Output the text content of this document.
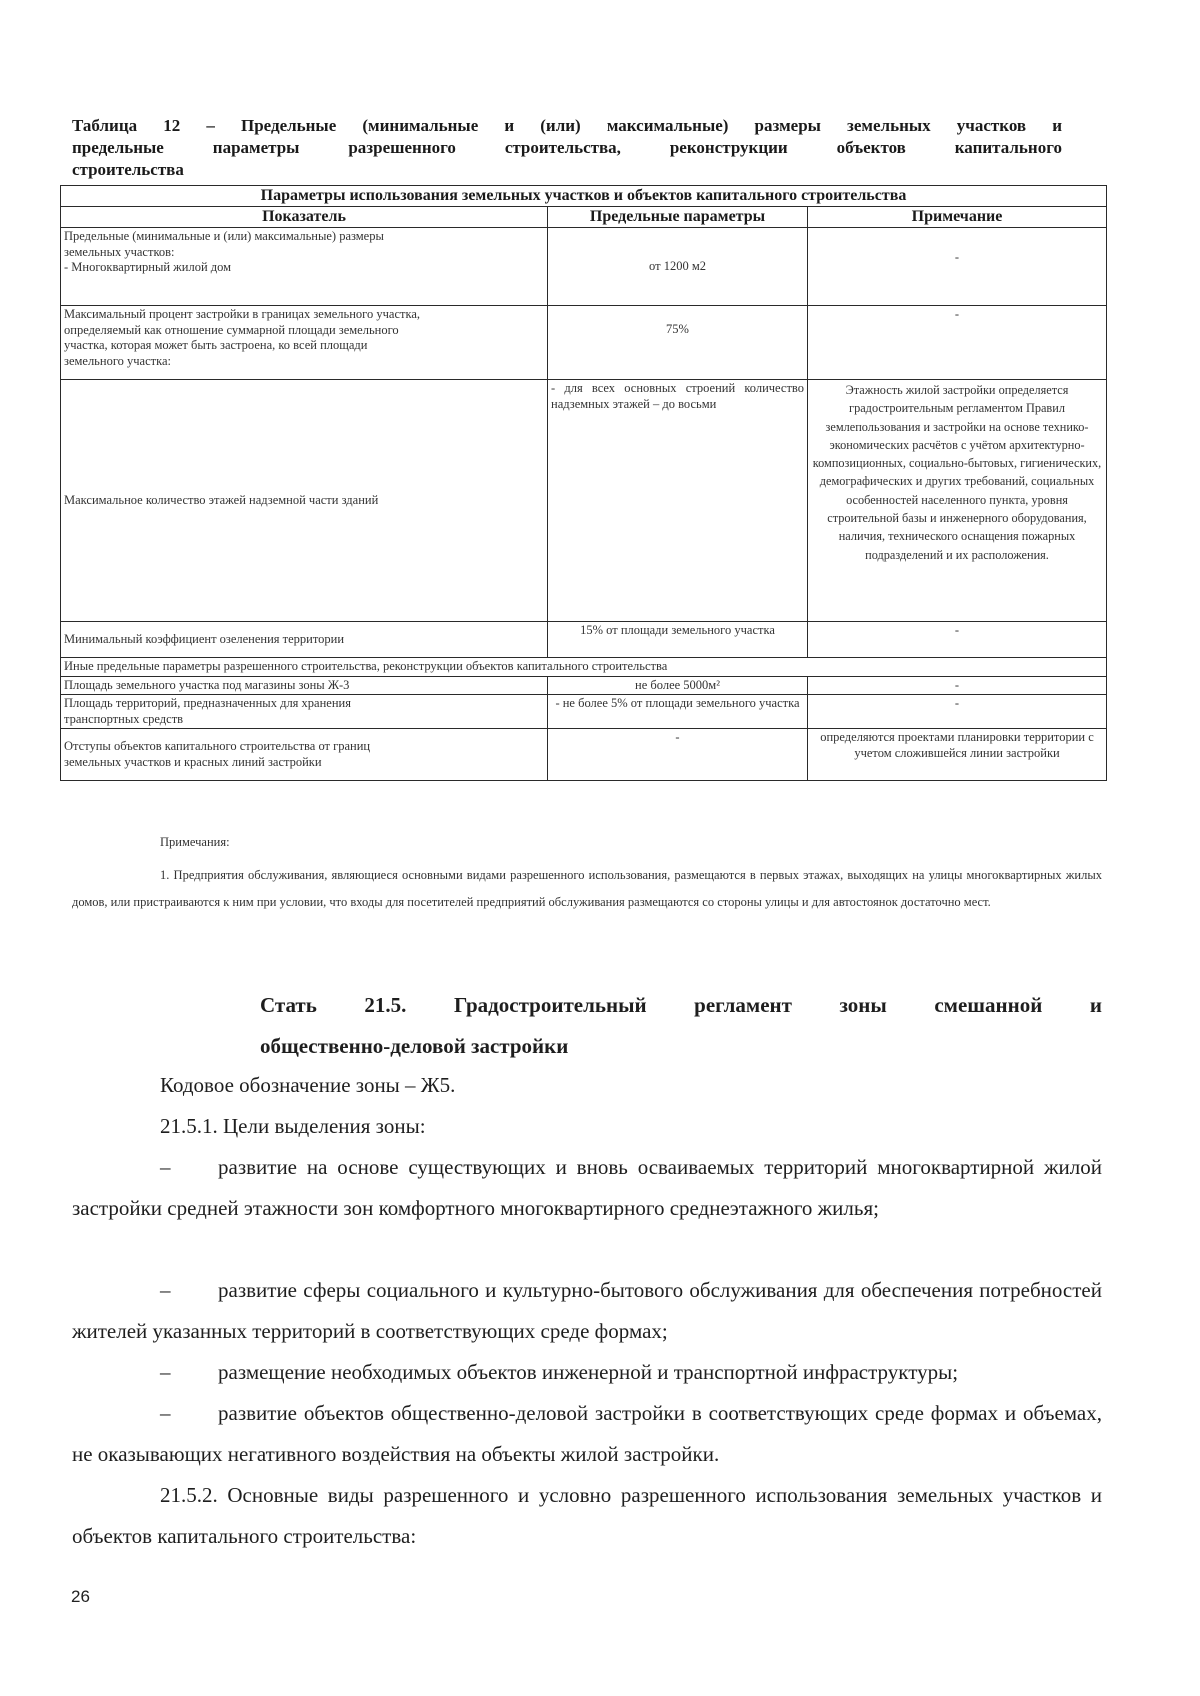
Таблица 12 – Предельные (минимальные и (или) максимальные) размеры земельных участков и
предельные параметры разрешенного строительства, реконструкции объектов капитального
строительства

Параметры использования земельных участков и объектов капитального строительства		
Показатель	Предельные параметры	Примечание

Предельные (минимальные и (или) максимальные) размеры
земельных участков:
- Многоквартирный жилой дом	от 1200 м2	-

Максимальный процент застройки в границах земельного участка,
определяемый как отношение суммарной площади земельного
участка, которая может быть застроена, ко всей площади
земельного участка:	75%	-
Максимальное количество этажей надземной части зданий	- для всех основных строений количество надземных этажей – до восьми	Этажность жилой застройки определяется градостроительным регламентом Правил землепользования и застройки на основе технико-экономических расчётов с учётом архитектурно-композиционных, социально-бытовых, гигиенических, демографических и других требований, социальных особенностей населенного пункта, уровня строительной базы и инженерного оборудования, наличия, технического оснащения пожарных подразделений и их расположения.
Минимальный коэффициент озеленения территории	15% от площади земельного участка	-
Иные предельные параметры разрешенного строительства, реконструкции объектов капитального строительства		
Площадь земельного участка под магазины зоны Ж-3	не более 5000м²	-

Площадь территорий, предназначенных для хранения
транспортных средств	- не более 5% от площади земельного участка	-

Отступы объектов капитального строительства от границ
земельных участков и красных линий застройки	-	определяются проектами планировки территории с учетом сложившейся линии застройки
Примечания:
1. Предприятия обслуживания, являющиеся основными видами разрешенного использования, размещаются в первых этажах, выходящих на улицы многоквартирных жилых домов, или пристраиваются к ним при условии, что входы для посетителей предприятий обслуживания размещаются со стороны улицы и для автостоянок достаточно мест.
Стать 21.5. Градостроительный регламент зоны смешанной и
общественно-деловой застройки
Кодовое обозначение зоны – Ж5.
21.5.1. Цели выделения зоны:
– развитие на основе существующих и вновь осваиваемых территорий многоквартирной жилой застройки средней этажности зон комфортного многоквартирного среднеэтажного жилья;
– развитие сферы социального и культурно-бытового обслуживания для обеспечения потребностей жителей указанных территорий в соответствующих среде формах;
– размещение необходимых объектов инженерной и транспортной инфраструктуры;
– развитие объектов общественно-деловой застройки в соответствующих среде формах и объемах, не оказывающих негативного воздействия на объекты жилой застройки.
21.5.2. Основные виды разрешенного и условно разрешенного использования земельных участков и объектов капитального строительства:
26
